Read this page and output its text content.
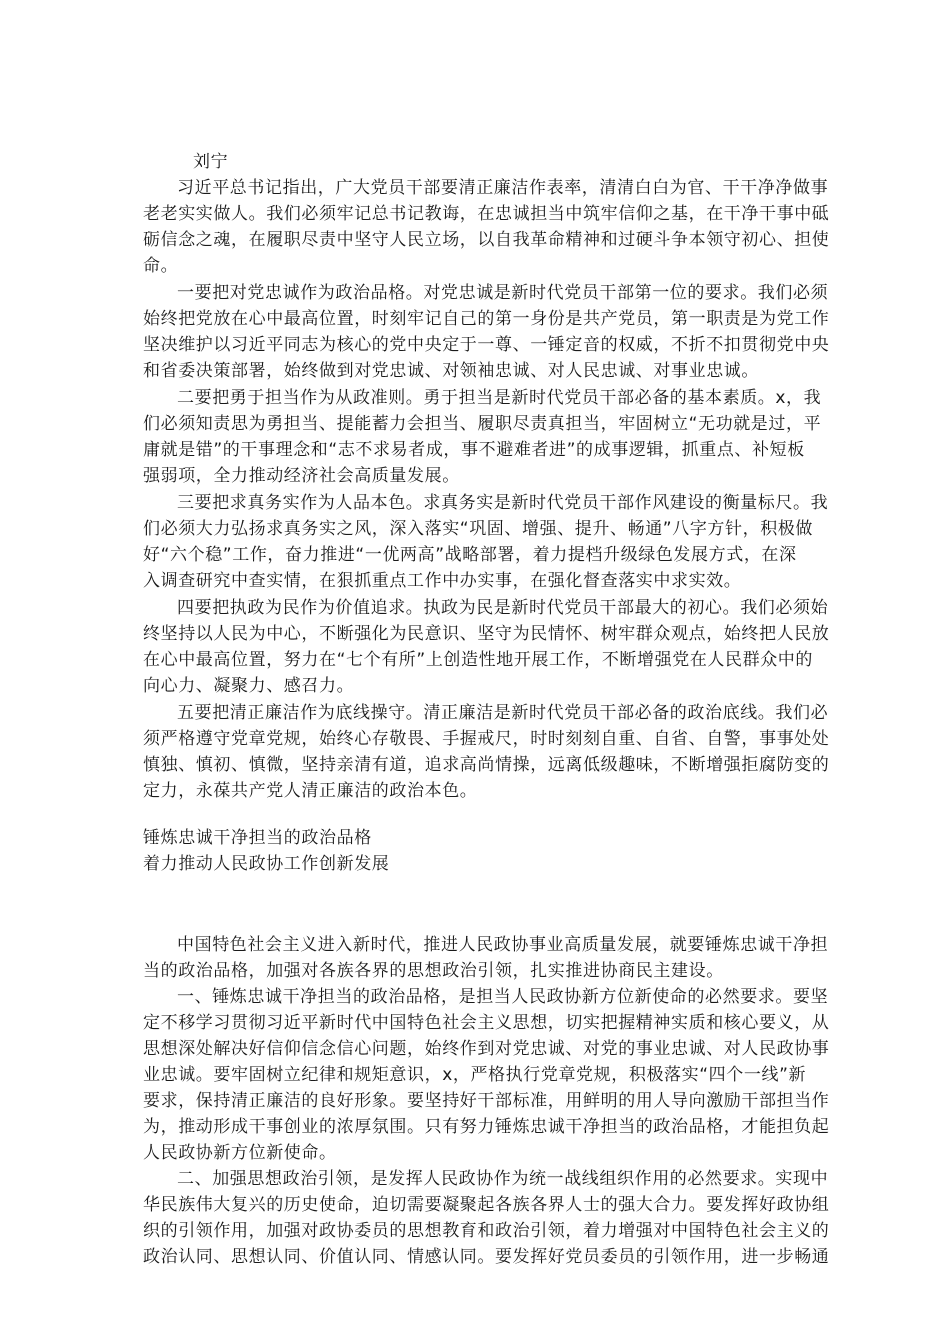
刘宁
习近平总书记指出，广大党员干部要清正廉洁作表率，清清白白为官、干干净净做事
老老实实做人。我们必须牢记总书记教诲，在忠诚担当中筑牢信仰之基，在干净干事中砥
砺信念之魂，在履职尽责中坚守人民立场，以自我革命精神和过硬斗争本领守初心、担使
命。
一要把对党忠诚作为政治品格。对党忠诚是新时代党员干部第一位的要求。我们必须
始终把党放在心中最高位置，时刻牢记自己的第一身份是共产党员，第一职责是为党工作
坚决维护以习近平同志为核心的党中央定于一尊、一锤定音的权威，不折不扣贯彻党中央
和省委决策部署，始终做到对党忠诚、对领袖忠诚、对人民忠诚、对事业忠诚。
二要把勇于担当作为从政准则。勇于担当是新时代党员干部必备的基本素质。x，我
们必须知责思为勇担当、提能蓄力会担当、履职尽责真担当，牢固树立“无功就是过，平
庸就是错”的干事理念和“志不求易者成，事不避难者进”的成事逻辑，抓重点、补短板
强弱项，全力推动经济社会高质量发展。
三要把求真务实作为人品本色。求真务实是新时代党员干部作风建设的衡量标尺。我
们必须大力弘扬求真务实之风，深入落实“巩固、增强、提升、畅通”八字方针，积极做
好“六个稳”工作，奋力推进“一优两高”战略部署，着力提档升级绿色发展方式，在深
入调查研究中查实情，在狠抓重点工作中办实事，在强化督查落实中求实效。
四要把执政为民作为价值追求。执政为民是新时代党员干部最大的初心。我们必须始
终坚持以人民为中心，不断强化为民意识、坚守为民情怀、树牢群众观点，始终把人民放
在心中最高位置，努力在“七个有所”上创造性地开展工作，不断增强党在人民群众中的
向心力、凝聚力、感召力。
五要把清正廉洁作为底线操守。清正廉洁是新时代党员干部必备的政治底线。我们必
须严格遵守党章党规，始终心存敬畏、手握戒尺，时时刻刻自重、自省、自警，事事处处
慎独、慎初、慎微，坚持亲清有道，追求高尚情操，远离低级趣味，不断增强拒腐防变的
定力，永葆共产党人清正廉洁的政治本色。
锤炼忠诚干净担当的政治品格
着力推动人民政协工作创新发展
中国特色社会主义进入新时代，推进人民政协事业高质量发展，就要锤炼忠诚干净担
当的政治品格，加强对各族各界的思想政治引领，扎实推进协商民主建设。
一、锤炼忠诚干净担当的政治品格，是担当人民政协新方位新使命的必然要求。要坚
定不移学习贯彻习近平新时代中国特色社会主义思想，切实把握精神实质和核心要义，从
思想深处解决好信仰信念信心问题，始终作到对党忠诚、对党的事业忠诚、对人民政协事
业忠诚。要牢固树立纪律和规矩意识，x，严格执行党章党规，积极落实“四个一线”新
要求，保持清正廉洁的良好形象。要坚持好干部标准，用鲜明的用人导向激励干部担当作
为，推动形成干事创业的浓厚氛围。只有努力锤炼忠诚干净担当的政治品格，才能担负起
人民政协新方位新使命。
二、加强思想政治引领，是发挥人民政协作为统一战线组织作用的必然要求。实现中
华民族伟大复兴的历史使命，迫切需要凝聚起各族各界人士的强大合力。要发挥好政协组
织的引领作用，加强对政协委员的思想教育和政治引领，着力增强对中国特色社会主义的
政治认同、思想认同、价值认同、情感认同。要发挥好党员委员的引领作用，进一步畅通
